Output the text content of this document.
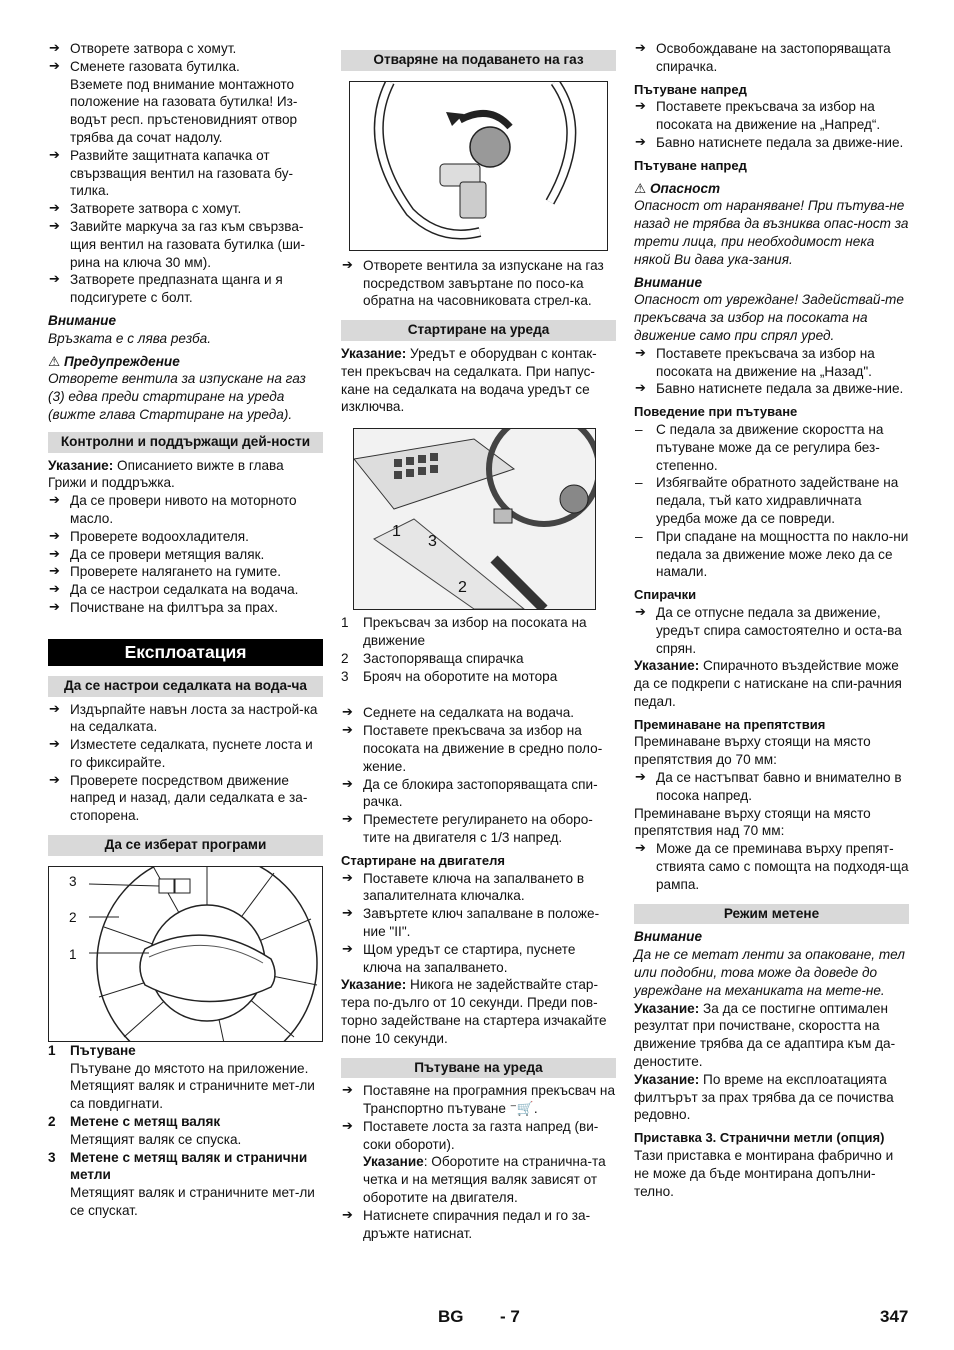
➔ Отворете затвора с хомут.
➔ Сменете газовата бутилка.
Вземете под внимание монтажното положение на газовата бутилка! Из-водът респ. пръстеновидният отвор трябва да сочат надолу.
➔ Развийте защитната капачка от свързващия вентил на газовата бу-тилка.
➔ Затворете затвора с хомут.
➔ Завийте маркуча за газ към свързва-щия вентил на газовата бутилка (ши-рина на ключа 30 мм).
➔ Затворете предпазната щанга и я подсигурете с болт.
Внимание
Връзката е с лява резба.
⚠ Предупреждение
Отворете вентила за изпускане на газ (3) едва преди стартиране на уреда (вижте глава Стартиране на уреда).
Контролни и поддържащи дей-ности
Указание: Описанието вижте в глава Грижи и поддръжка.
➔ Да се провери нивото на моторното масло.
➔ Проверете водоохладителя.
➔ Да се провери метящия валяк.
➔ Проверете налягането на гумите.
➔ Да се настрои седалката на водача.
➔ Почистване на филтъра за прах.
Експлоатация
Да се настрои седалката на вода-ча
➔ Издърпайте навън лоста за настрой-ка на седалката.
➔ Изместете седалката, пуснете лоста и го фиксирайте.
➔ Проверете посредством движение напред и назад, дали седалката е за-стопорена.
Да се изберат програми
3
2
1
1	Пътуване
Пътуване до мястото на приложение. Метящият валяк и страничните мет-ли са повдигнати.
2	Метене с метящ валяк
Метящият валяк се спуска.
3	Метене с метящ валяк и странични метли
Метящият валяк и страничните мет-ли се спускат.
Отваряне на подаването на газ
➔ Отворете вентила за изпускане на газ посредством завъртане по посо-ка обратна на часовниковата стрел-ка.
Стартиране на уреда
Указание: Уредът е оборудван с контак-тен прекъсвач на седалката. При напус-кане на седалката на водача уредът се изключва.
1
3
2
1	Прекъсвач за избор на посоката на движение
2	Застопоряваща спирачка
3	Брояч на оборотите на мотора
➔ Седнете на седалката на водача.
➔ Поставете прекъсвача за избор на посоката на движение в средно поло-жение.
➔ Да се блокира застопоряващата спи-рачка.
➔ Преместете регулирането на оборо-тите на двигателя с 1/3 напред.
Стартиране на двигателя
➔ Поставете ключа на запалването в запалителната ключалка.
➔ Завъртете ключ запалване в положе-ние "II".
➔ Щом уредът се стартира, пуснете ключа на запалването.
Указание: Никога не задействайте стар-тера по-дълго от 10 секунди. Преди пов-торно задействане на стартера изчакайте поне 10 секунди.
Пътуване на уреда
➔ Поставяне на програмния прекъсвач на Транспортно пътуване ⁻🛒.
➔ Поставете лоста за газта напред (ви-соки обороти).
Указание: Оборотите на странична-та четка и на метящия валяк зависят от оборотите на двигателя.
➔ Натиснете спирачния педал и го за-дръжте натиснат.
➔ Освобождаване на застопоряващата спирачка.
Пътуване напред
➔ Поставете прекъсвача за избор на посоката на движение на „Напред“.
➔ Бавно натиснете педала за движе-ние.
Пътуване напред
⚠ Опасност
Опасност от нараняване! При пътува-не назад не трябва да възниква опас-ност за трети лица, при необходимост нека някой Ви дава ука-зания.
Внимание
Опасност от увреждане! Задействай-те прекъсвача за избор на посоката на движение само при спрял уред.
➔ Поставете прекъсвача за избор на посоката на движение на „Назад".
➔ Бавно натиснете педала за движе-ние.
Поведение при пътуване
– С педала за движение скоростта на пътуване може да се регулира без-степенно.
– Избягвайте обратното задействане на педала, тъй като хидравличната уредба може да се повреди.
– При спадане на мощността по накло-ни педала за движение може леко да се намали.
Спирачки
➔ Да се отпусне педала за движение, уредът спира самостоятелно и оста-ва спрян.
Указание: Спирачното въздействие може да се подкрепи с натискане на спи-рачния педал.
Преминаване на препятствия
Преминаване върху стоящи на място препятствия до 70 мм:
➔ Да се настъпват бавно и внимателно в посока напред.
Преминаване върху стоящи на място препятствия над 70 мм:
➔ Може да се преминава върху препят-ствията само с помощта на подходя-ща рампа.
Режим метене
Внимание
Да не се метат ленти за опаковане, тел или подобни, това може да доведе до увреждане на механиката на мете-не.
Указание: За да се постигне оптимален резултат при почистване, скоростта на движение трябва да се адаптира към да-деностите.
Указание: По време на експлоатацията филтърът за прах трябва да се почиства редовно.
Приставка 3. Странични метли (опция)
Тази приставка е монтирана фабрично и не може да бъде монтирана допълни-телно.
BG - 7	347
